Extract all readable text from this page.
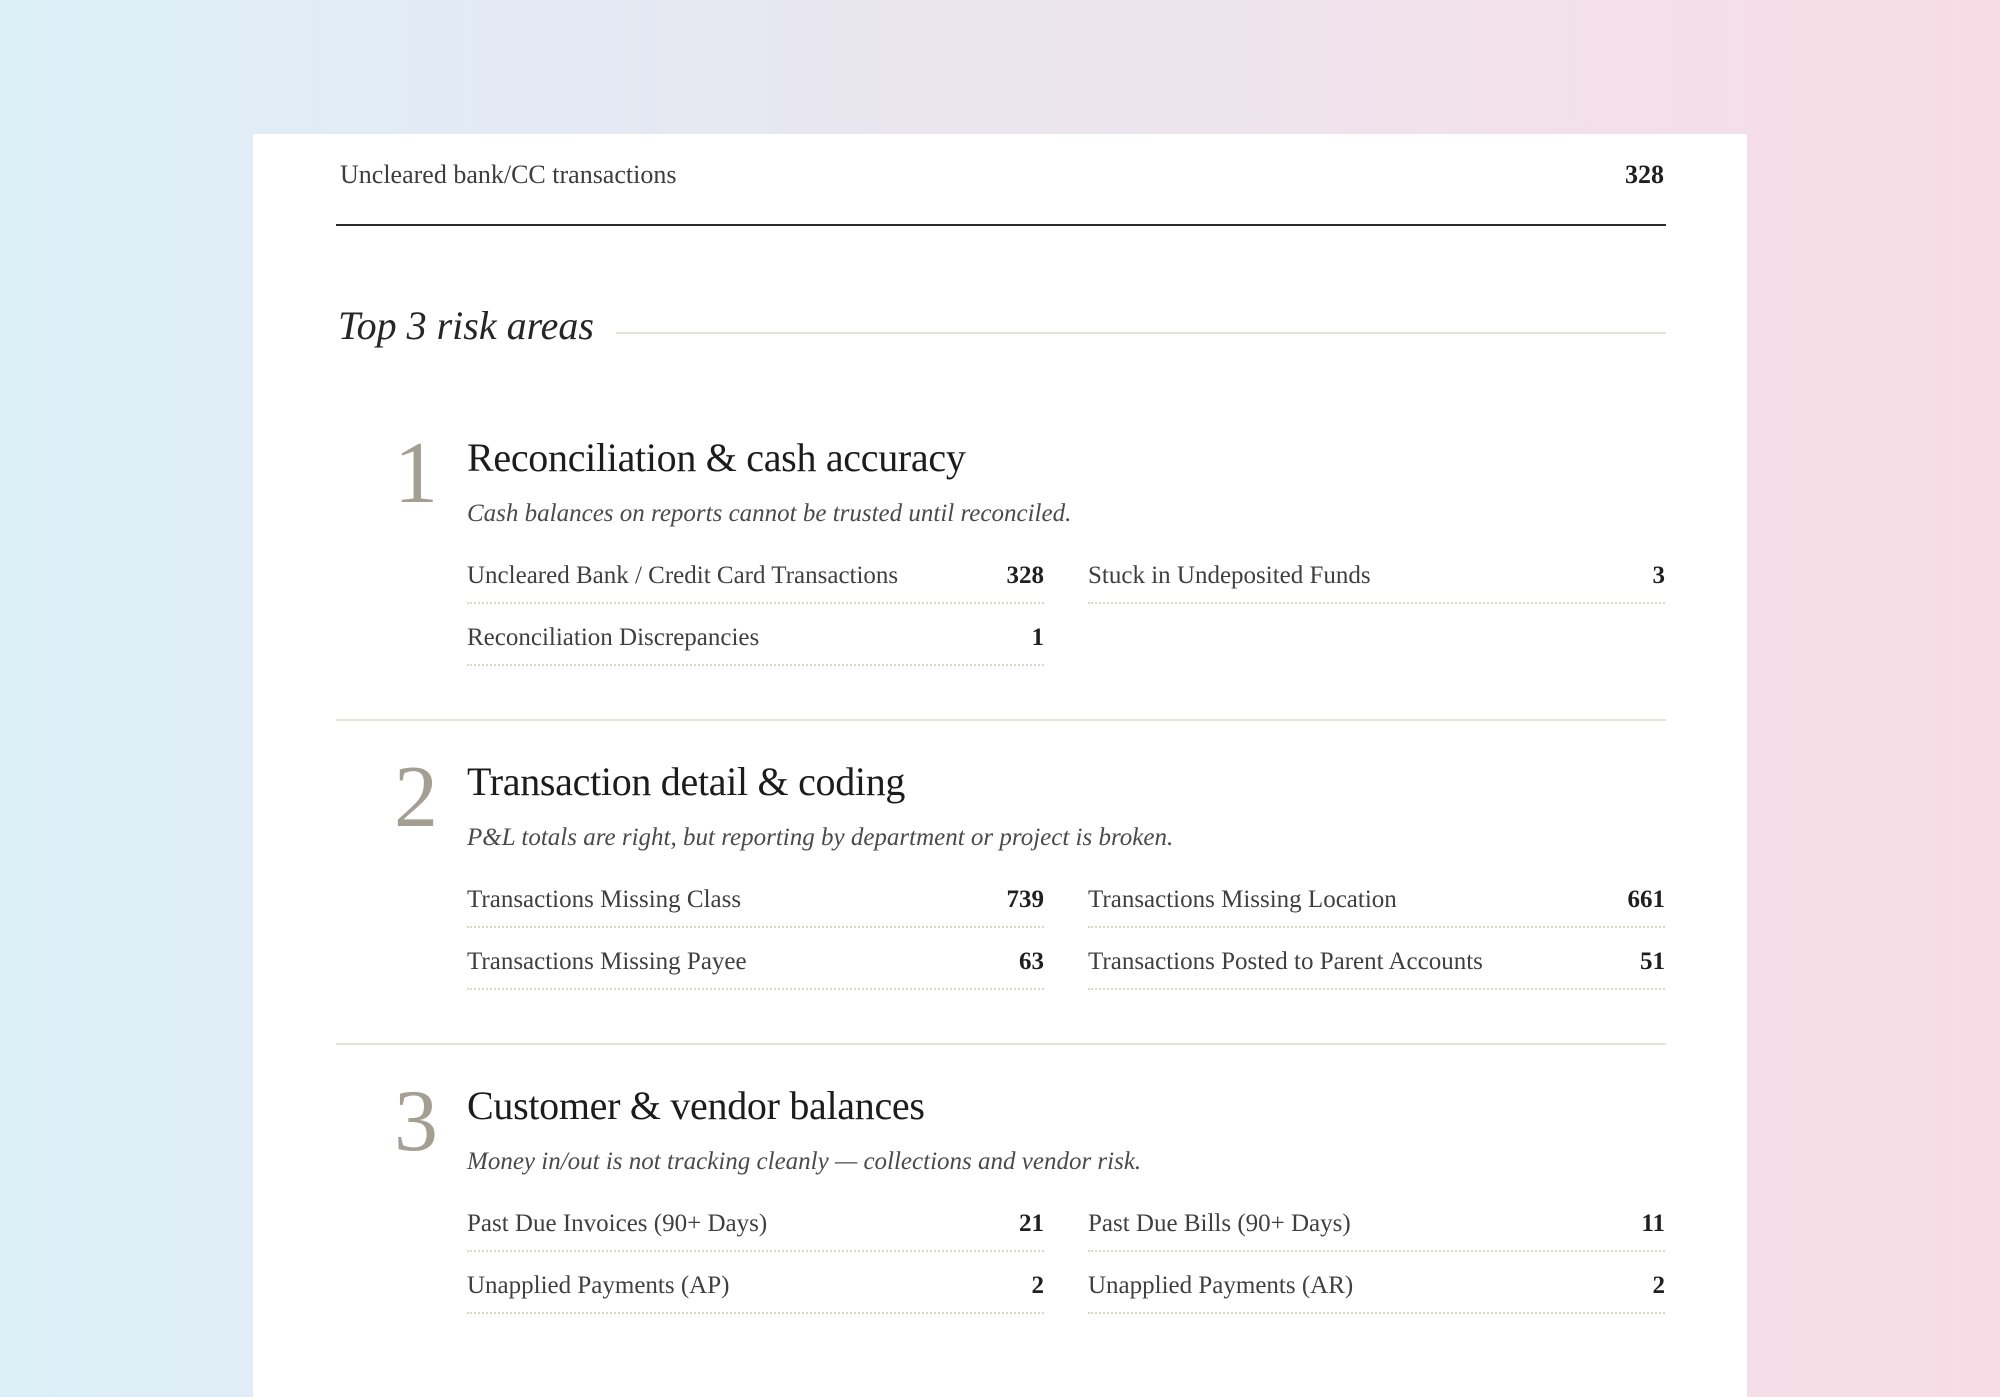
Uncleared bank/CC transactions	328
Top 3 risk areas
1 Reconciliation & cash accuracy
Cash balances on reports cannot be trusted until reconciled.
Uncleared Bank / Credit Card Transactions	328 Stuck in Undeposited Funds	3
Reconciliation Discrepancies	1
2 Transaction detail & coding
P&L totals are right, but reporting by department or project is broken.
Transactions Missing Class	739 Transactions Missing Location	661
Transactions Missing Payee	63 Transactions Posted to Parent Accounts	51
3 Customer & vendor balances
Money in/out is not tracking cleanly — collections and vendor risk.
Past Due Invoices (90+ Days)	21 Past Due Bills (90+ Days)	11
Unapplied Payments (AP)	2 Unapplied Payments (AR)	2
